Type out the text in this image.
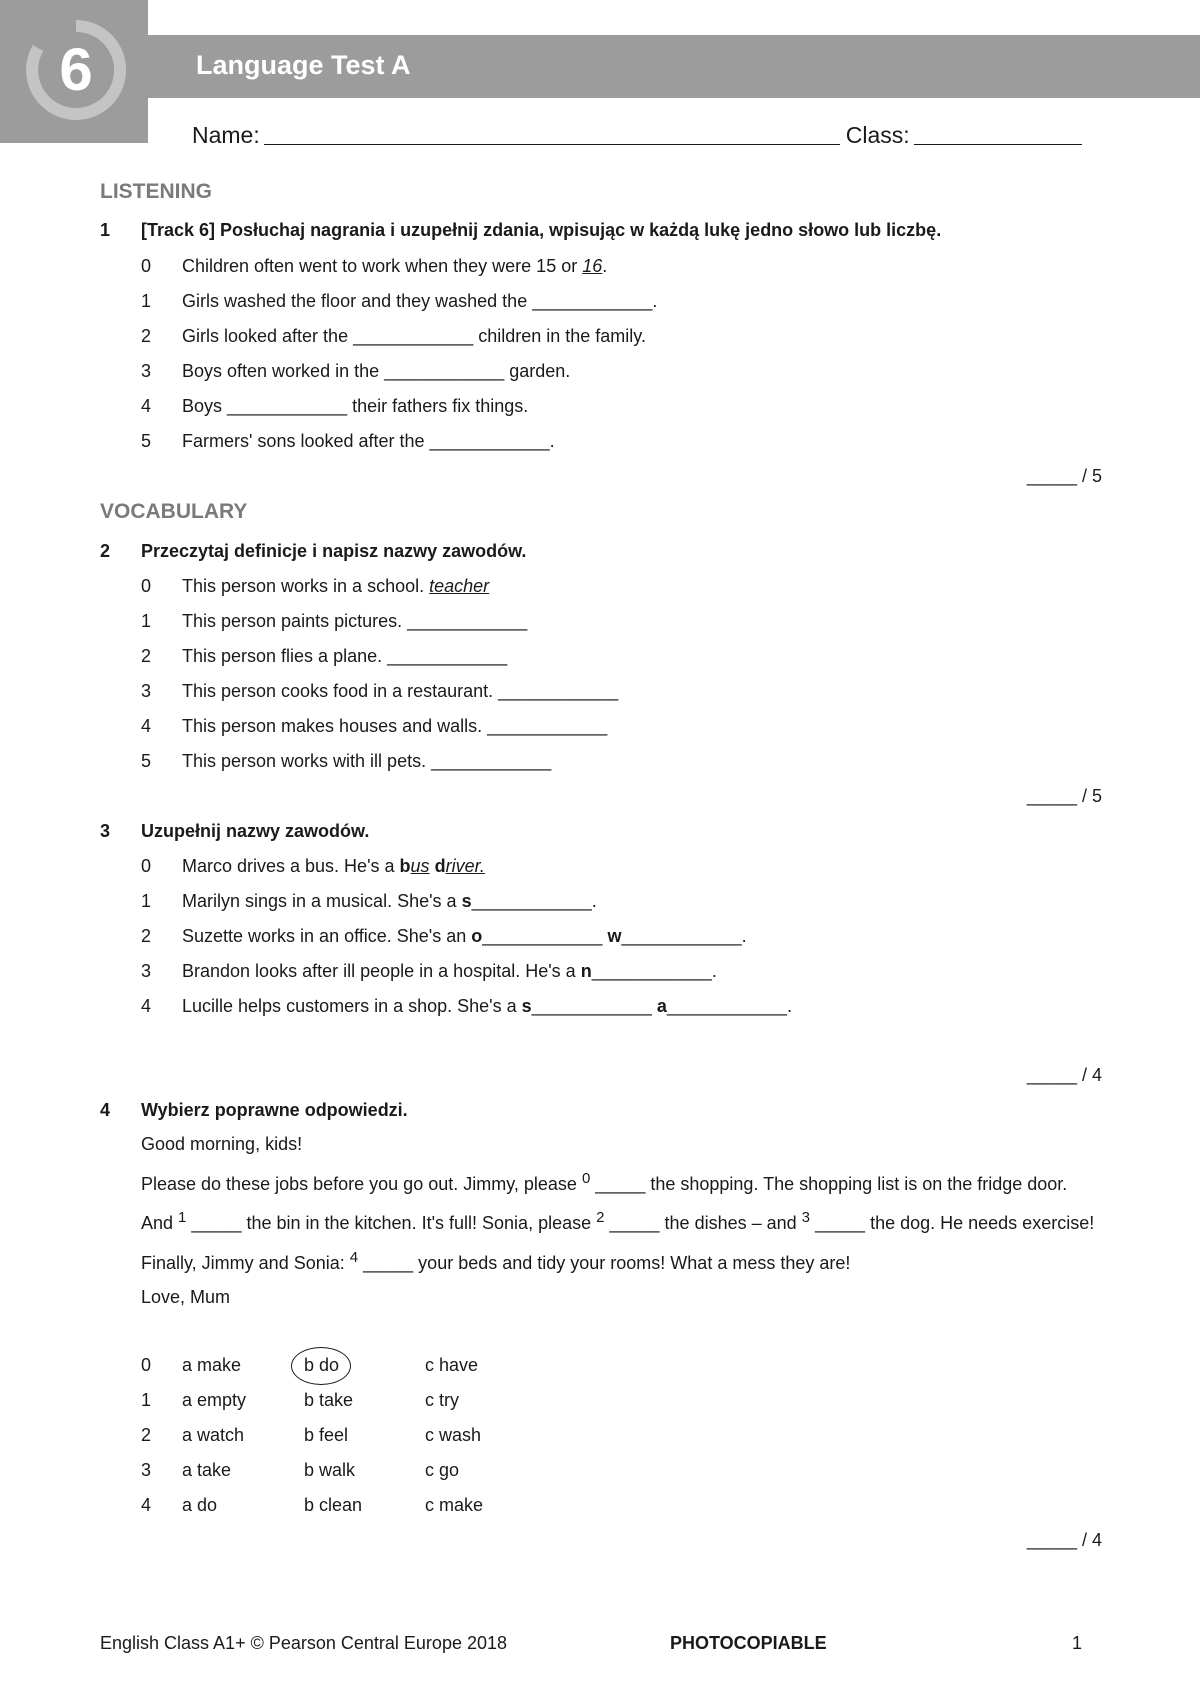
6	Language Test A
Name:	Class:
LISTENING
1 [Track 6] Posłuchaj nagrania i uzupełnij zdania, wpisując w każdą lukę jedno słowo lub liczbę.
0 Children often went to work when they were 15 or 16.
1 Girls washed the floor and they washed the ____________.
2 Girls looked after the ____________ children in the family.
3 Boys often worked in the ____________ garden.
4 Boys ____________ their fathers fix things.
5 Farmers' sons looked after the ____________.
_____ / 5
VOCABULARY
2 Przeczytaj definicje i napisz nazwy zawodów.
0 This person works in a school. teacher
1 This person paints pictures. ____________
2 This person flies a plane. ____________
3 This person cooks food in a restaurant. ____________
4 This person makes houses and walls. ____________
5 This person works with ill pets. ____________
_____ / 5
3 Uzupełnij nazwy zawodów.
0 Marco drives a bus. He's a bus driver.
1 Marilyn sings in a musical. She's a s____________.
2 Suzette works in an office. She's an o____________ w____________.
3 Brandon looks after ill people in a hospital. He's a n____________.
4 Lucille helps customers in a shop. She's a s____________ a____________.
_____ / 4
4 Wybierz poprawne odpowiedzi.

Good morning, kids!

Please do these jobs before you go out. Jimmy, please $^0$ _____ the shopping. The shopping list is on the fridge door. And $^1$ _____ the bin in the kitchen. It's full! Sonia, please $^2$ _____ the dishes – and $^3$ _____ the dog. He needs exercise!

Finally, Jimmy and Sonia: $^4$ _____ your beds and tidy your rooms! What a mess they are!

Love, Mum

0 a make	b do	c have
1 a empty	b take	c try
2 a watch	b feel	c wash
3 a take	b walk	c go
4 a do	b clean	c make
_____ / 4
English Class A1+ © Pearson Central Europe 2018	PHOTOCOPIABLE	1
